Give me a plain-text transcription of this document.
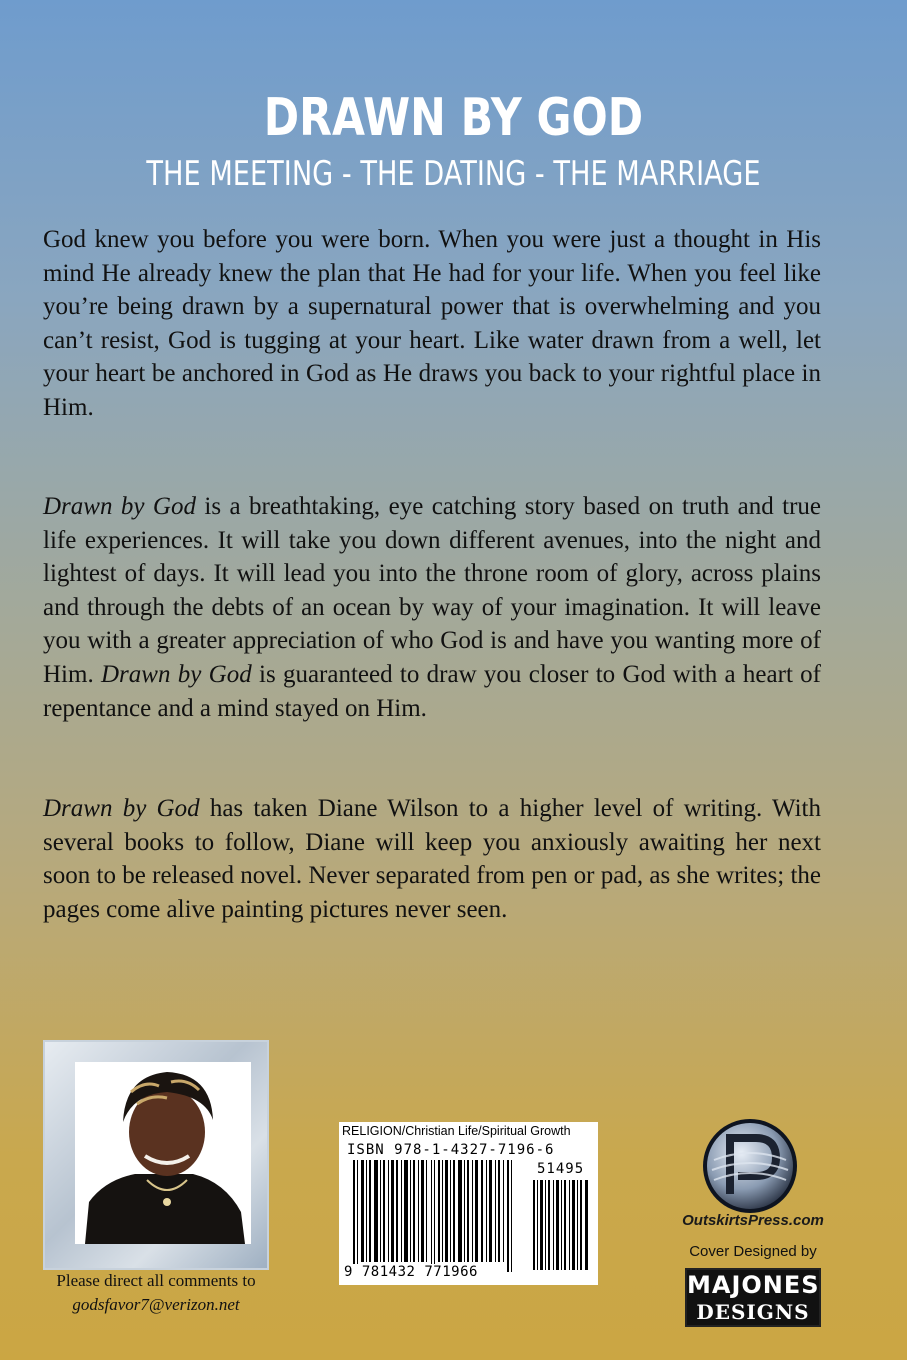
DRAWN BY GOD
THE MEETING - THE DATING - THE MARRIAGE

God knew you before you were born. When you were just a thought in His mind He already knew the plan that He had for your life. When you feel like you’re being drawn by a supernatural power that is overwhelming and you can’t resist, God is tugging at your heart. Like water drawn from a well, let your heart be anchored in God as He draws you back to your rightful place in Him.

Drawn by God is a breathtaking, eye catching story based on truth and true life experiences. It will take you down different avenues, into the night and lightest of days. It will lead you into the throne room of glory, across plains and through the debts of an ocean by way of your imagination. It will leave you with a greater appreciation of who God is and have you wanting more of Him. Drawn by God is guaranteed to draw you closer to God with a heart of repentance and a mind stayed on Him.

Drawn by God has taken Diane Wilson to a higher level of writing. With several books to follow, Diane will keep you anxiously awaiting her next soon to be released novel. Never separated from pen or pad, as she writes; the pages come alive painting pictures never seen.

Please direct all comments to
godsfavor7@verizon.net
RELIGION/Christian Life/Spiritual Growth
ISBN 978-1-4327-7196-6
51495
9 781432 771966
OutskirtsPress.com
Cover Designed by
MAJONES
DESIGNS
